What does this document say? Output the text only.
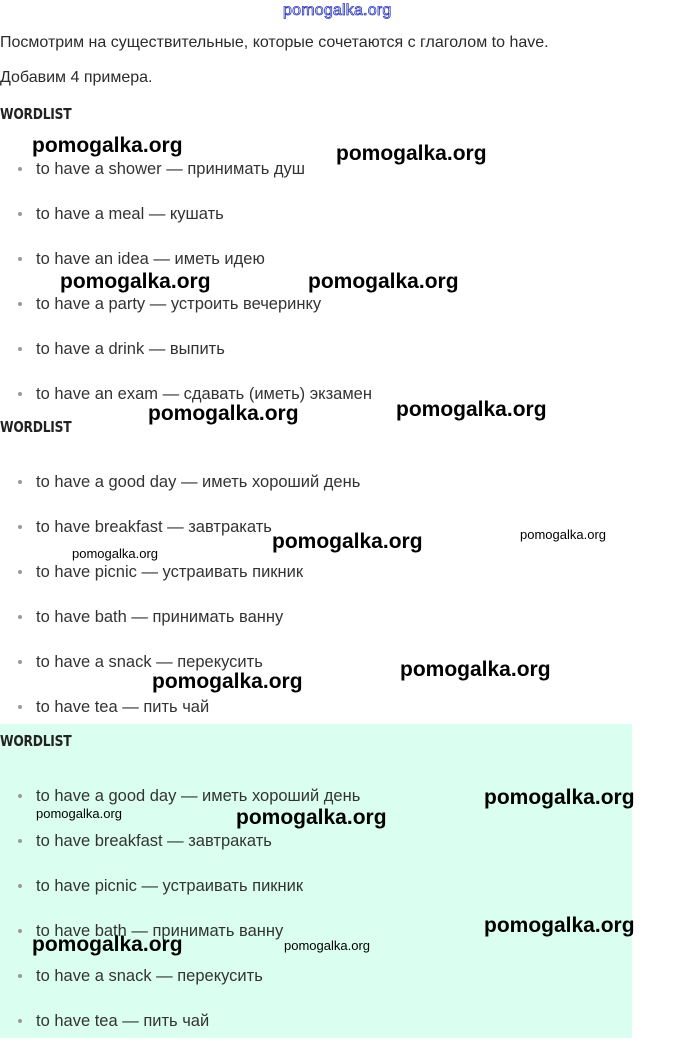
pomogalka.org

Посмотрим на существительные, которые сочетаются с глаголом to have.

Добавим 4 примера.

WORDLIST
to have a shower — принимать душ
to have a meal — кушать
to have an idea — иметь идею
to have a party — устроить вечеринку
to have a drink — выпить
to have an exam — сдавать (иметь) экзамен
WORDLIST
to have a good day — иметь хороший день
to have breakfast — завтракать
to have picnic — устраивать пикник
to have bath — принимать ванну
to have a snack — перекусить
to have tea — пить чай
WORDLIST
to have a good day — иметь хороший день
to have breakfast — завтракать
to have picnic — устраивать пикник
to have bath — принимать ванну
to have a snack — перекусить
to have tea — пить чай
pomogalka.org	pomogalka.org
pomogalka.org	pomogalka.org
pomogalka.org	pomogalka.org
pomogalka.org	pomogalka.org
pomogalka.org
pomogalka.org
pomogalka.org
pomogalka.org
pomogalka.org	pomogalka.org
pomogalka.org
pomogalka.org	pomogalka.org
